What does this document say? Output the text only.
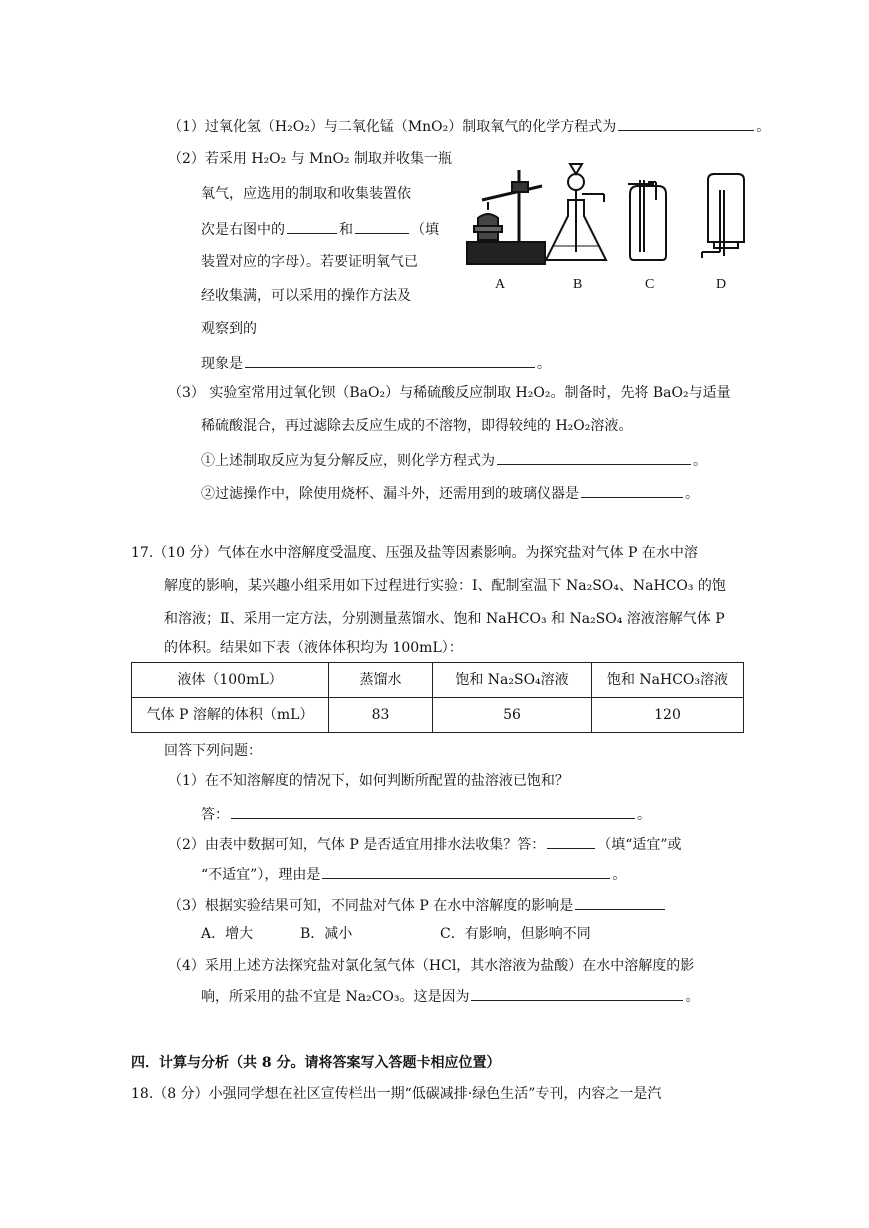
（1）过氧化氢（H₂O₂）与二氧化锰（MnO₂）制取氧气的化学方程式为	。
（2）若采用 H₂O₂ 与 MnO₂ 制取并收集一瓶
氧气，应选用的制取和收集装置依
次是右图中的	和	（填
装置对应的字母）。若要证明氧气已
经收集满，可以采用的操作方法及
观察到的
现象是	。
A	B	C	D
（3） 实验室常用过氧化钡（BaO₂）与稀硫酸反应制取 H₂O₂。制备时，先将 BaO₂与适量
稀硫酸混合，再过滤除去反应生成的不溶物，即得较纯的 H₂O₂溶液。
①上述制取反应为复分解反应，则化学方程式为	。
②过滤操作中，除使用烧杯、漏斗外，还需用到的玻璃仪器是	。
17.（10 分）气体在水中溶解度受温度、压强及盐等因素影响。为探究盐对气体 P 在水中溶
解度的影响，某兴趣小组采用如下过程进行实验：Ⅰ、配制室温下 Na₂SO₄、NaHCO₃ 的饱
和溶液；Ⅱ、采用一定方法，分别测量蒸馏水、饱和 NaHCO₃ 和 Na₂SO₄ 溶液溶解气体 P
的体积。结果如下表（液体体积均为 100mL）：
液体（100mL）	蒸馏水	饱和 Na₂SO₄溶液	饱和 NaHCO₃溶液
气体 P 溶解的体积（mL）	83	56	120
回答下列问题：
（1）在不知溶解度的情况下，如何判断所配置的盐溶液已饱和？
答：	。
（2）由表中数据可知，气体 P 是否适宜用排水法收集？答：	（填“适宜”或
“不适宜”），理由是	。
（3）根据实验结果可知，不同盐对气体 P 在水中溶解度的影响是
A．增大	B．减小	C．有影响，但影响不同
（4）采用上述方法探究盐对氯化氢气体（HCl，其水溶液为盐酸）在水中溶解度的影
响，所采用的盐不宜是 Na₂CO₃。这是因为	。
四．计算与分析（共 8 分。请将答案写入答题卡相应位置）
18.（8 分）小强同学想在社区宣传栏出一期“低碳减排·绿色生活”专刊，内容之一是汽
